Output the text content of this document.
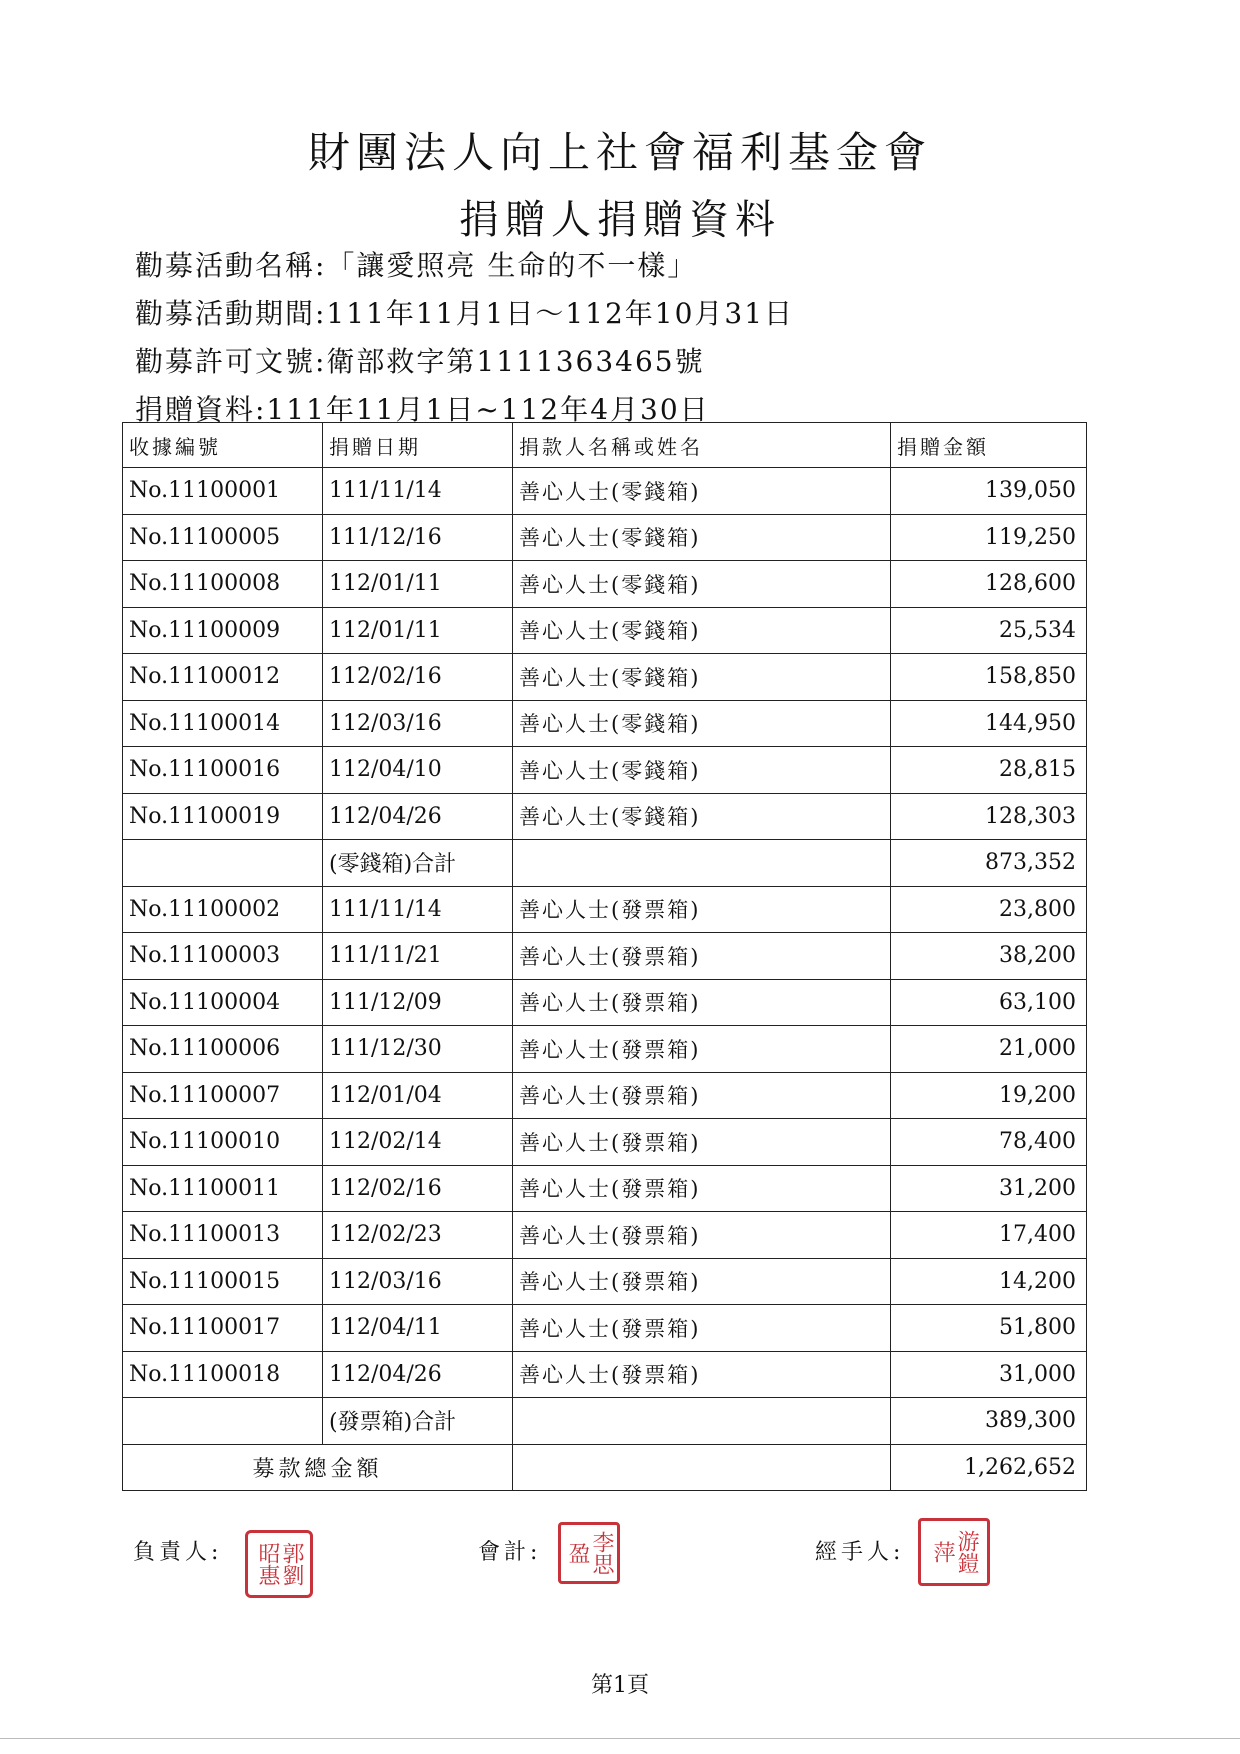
財團法人向上社會福利基金會
捐贈人捐贈資料
勸募活動名稱:「讓愛照亮 生命的不一樣」
勸募活動期間:111年11月1日～112年10月31日
勸募許可文號:衛部救字第1111363465號
捐贈資料:111年11月1日~112年4月30日
收據編號	捐贈日期	捐款人名稱或姓名	捐贈金額
No.11100001	111/11/14	善心人士(零錢箱)	139,050
No.11100005	111/12/16	善心人士(零錢箱)	119,250
No.11100008	112/01/11	善心人士(零錢箱)	128,600
No.11100009	112/01/11	善心人士(零錢箱)	25,534
No.11100012	112/02/16	善心人士(零錢箱)	158,850
No.11100014	112/03/16	善心人士(零錢箱)	144,950
No.11100016	112/04/10	善心人士(零錢箱)	28,815
No.11100019	112/04/26	善心人士(零錢箱)	128,303
	(零錢箱)合計		873,352
No.11100002	111/11/14	善心人士(發票箱)	23,800
No.11100003	111/11/21	善心人士(發票箱)	38,200
No.11100004	111/12/09	善心人士(發票箱)	63,100
No.11100006	111/12/30	善心人士(發票箱)	21,000
No.11100007	112/01/04	善心人士(發票箱)	19,200
No.11100010	112/02/14	善心人士(發票箱)	78,400
No.11100011	112/02/16	善心人士(發票箱)	31,200
No.11100013	112/02/23	善心人士(發票箱)	17,400
No.11100015	112/03/16	善心人士(發票箱)	14,200
No.11100017	112/04/11	善心人士(發票箱)	51,800
No.11100018	112/04/26	善心人士(發票箱)	31,000
	(發票箱)合計		389,300
募款總金額			1,262,652
負責人:	郭劉昭惠	會計:	李思盈	經手人:	游鎧萍
第1頁
